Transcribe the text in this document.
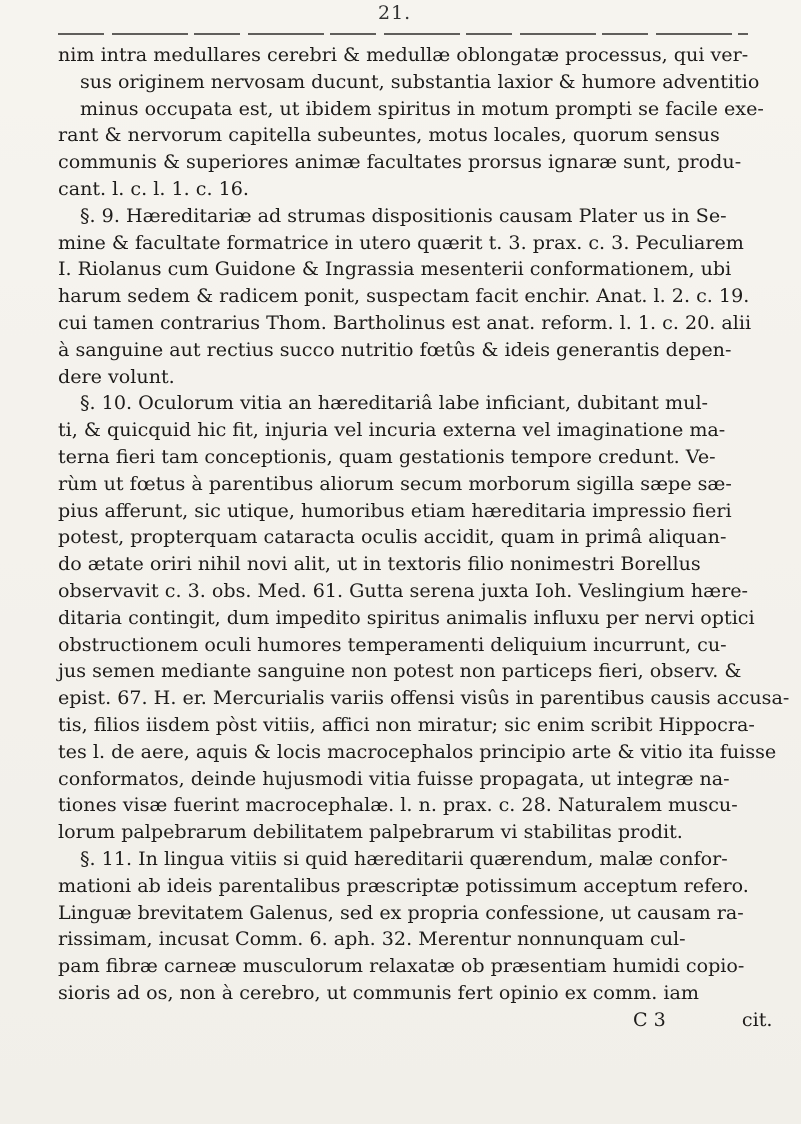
21.
nim intra medullares cerebri & medullæ oblongatæ processus, qui ver-
sus originem nervosam ducunt, substantia laxior & humore adventitio
minus occupata est, ut ibidem spiritus in motum prompti se facile exe-
rant & nervorum capitella subeuntes, motus locales, quorum sensus
communis & superiores animæ facultates prorsus ignaræ sunt, produ-
cant. l. c. l. 1. c. 16.
§. 9. Hæreditariæ ad strumas dispositionis causam Plater us in Se-
mine & facultate formatrice in utero quærit t. 3. prax. c. 3. Peculiarem
I. Riolanus cum Guidone & Ingrassia mesenterii conformationem, ubi
harum sedem & radicem ponit, suspectam facit enchir. Anat. l. 2. c. 19.
cui tamen contrarius Thom. Bartholinus est anat. reform. l. 1. c. 20. alii
à sanguine aut rectius succo nutritio fœtûs & ideis generantis depen-
dere volunt.
§. 10. Oculorum vitia an hæreditariâ labe inficiant, dubitant mul-
ti, & quicquid hic fit, injuria vel incuria externa vel imaginatione ma-
terna fieri tam conceptionis, quam gestationis tempore credunt. Ve-
rùm ut fœtus à parentibus aliorum secum morborum sigilla sæpe sæ-
pius afferunt, sic utique, humoribus etiam hæreditaria impressio fieri
potest, propterquam cataracta oculis accidit, quam in primâ aliquan-
do ætate oriri nihil novi alit, ut in textoris filio nonimestri Borellus
observavit c. 3. obs. Med. 61. Gutta serena juxta Ioh. Veslingium hære-
ditaria contingit, dum impedito spiritus animalis influxu per nervi optici
obstructionem oculi humores temperamenti deliquium incurrunt, cu-
jus semen mediante sanguine non potest non particeps fieri, observ. &
epist. 67. H. er. Mercurialis variis offensi visûs in parentibus causis accusa-
tis, filios iisdem pòst vitiis, affici non miratur; sic enim scribit Hippocra-
tes l. de aere, aquis & locis macrocephalos principio arte & vitio ita fuisse
conformatos, deinde hujusmodi vitia fuisse propagata, ut integræ na-
tiones visæ fuerint macrocephalæ. l. n. prax. c. 28. Naturalem muscu-
lorum palpebrarum debilitatem palpebrarum vi stabilitas prodit.
§. 11. In lingua vitiis si quid hæreditarii quærendum, malæ confor-
mationi ab ideis parentalibus præscriptæ potissimum acceptum refero.
Linguæ brevitatem Galenus, sed ex propria confessione, ut causam ra-
rissimam, incusat Comm. 6. aph. 32. Merentur nonnunquam cul-
pam fibræ carneæ musculorum relaxatæ ob præsentiam humidi copio-
sioris ad os, non à cerebro, ut communis fert opinio ex comm. iam
C 3	cit.
